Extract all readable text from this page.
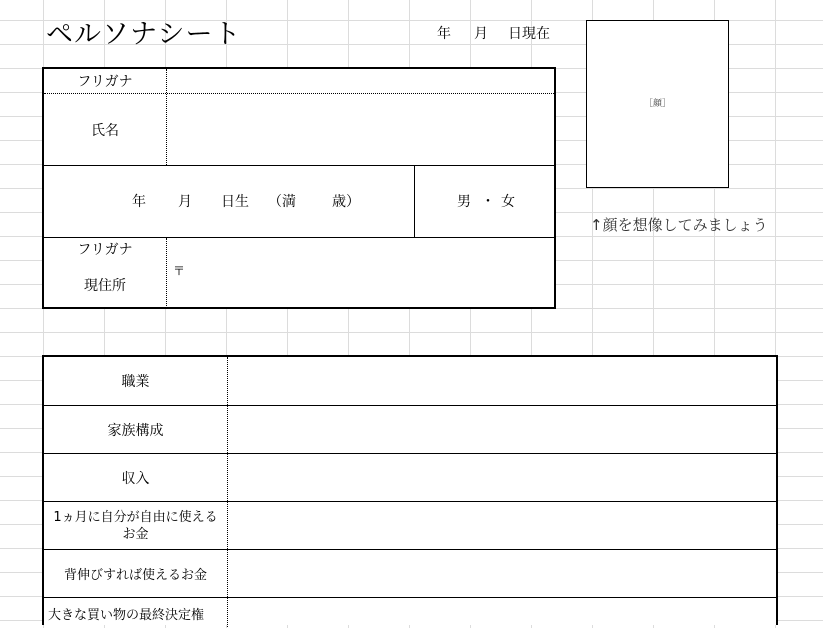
ペルソナシート	年 月 日現在
フリガナ
氏名
年 月 日生 （満	歳）	男 ・ 女
フリガナ
現住所
〒
［顔］
↑顔を想像してみましょう
職業
家族構成
収入
1ヵ月に自分が自由に使えるお金
背伸びすれば使えるお金
大きな買い物の最終決定権
